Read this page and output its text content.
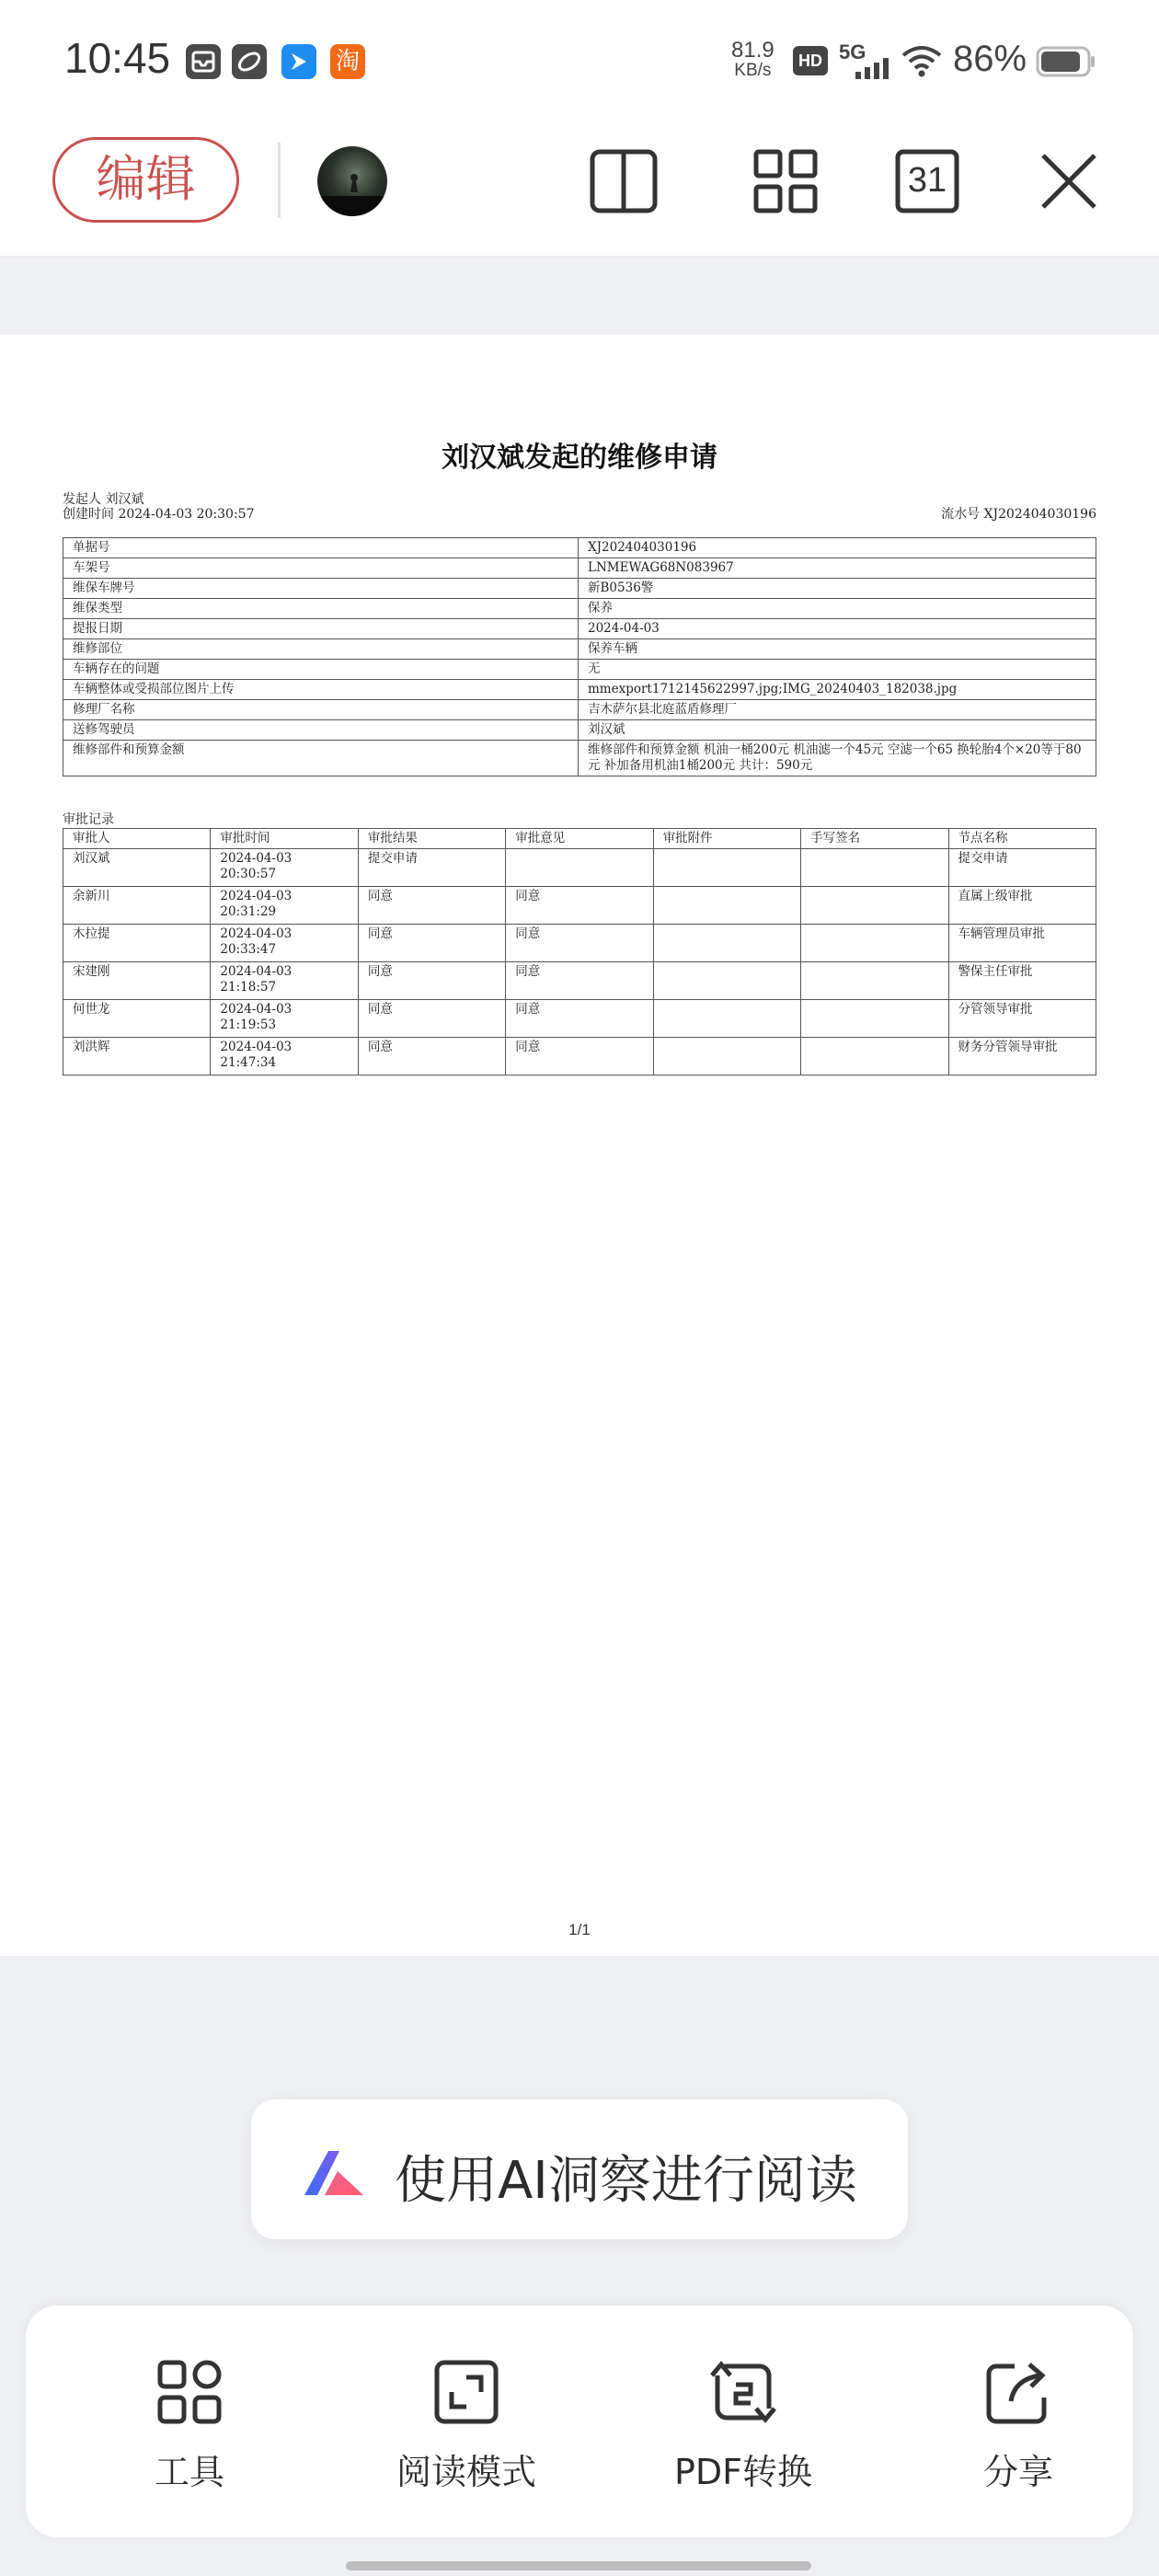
10:45	淘	81.9
KB/s	HD 5G 86%
编辑	31
刘汉斌发起的维修申请
发起人 刘汉斌
创建时间 2024-04-03 20:30:57	流水号 XJ202404030196
单据号	XJ202404030196
车架号	LNMEWAG68N083967
维保车牌号	新B0536警
维保类型	保养
提报日期	2024-04-03
维修部位	保养车辆
车辆存在的问题	无
车辆整体或受损部位图片上传	mmexport1712145622997.jpg;IMG_20240403_182038.jpg
修理厂名称	吉木萨尔县北庭蓝盾修理厂
送修驾驶员	刘汉斌
维修部件和预算金额	维修部件和预算金额 机油一桶200元 机油滤一个45元 空滤一个65 换轮胎4个×20等于80元 补加备用机油1桶200元 共计：590元
审批记录
审批人	审批时间	审批结果	审批意见	审批附件	手写签名	节点名称
刘汉斌	2024-04-03 20:30:57	提交申请				提交申请
余新川	2024-04-03 20:31:29	同意	同意			直属上级审批
木拉提	2024-04-03 20:33:47	同意	同意			车辆管理员审批
宋建刚	2024-04-03 21:18:57	同意	同意			警保主任审批
何世龙	2024-04-03 21:19:53	同意	同意			分管领导审批
刘洪辉	2024-04-03 21:47:34	同意	同意			财务分管领导审批
1/1
使用AI洞察进行阅读
工具	阅读模式	PDF转换	分享
